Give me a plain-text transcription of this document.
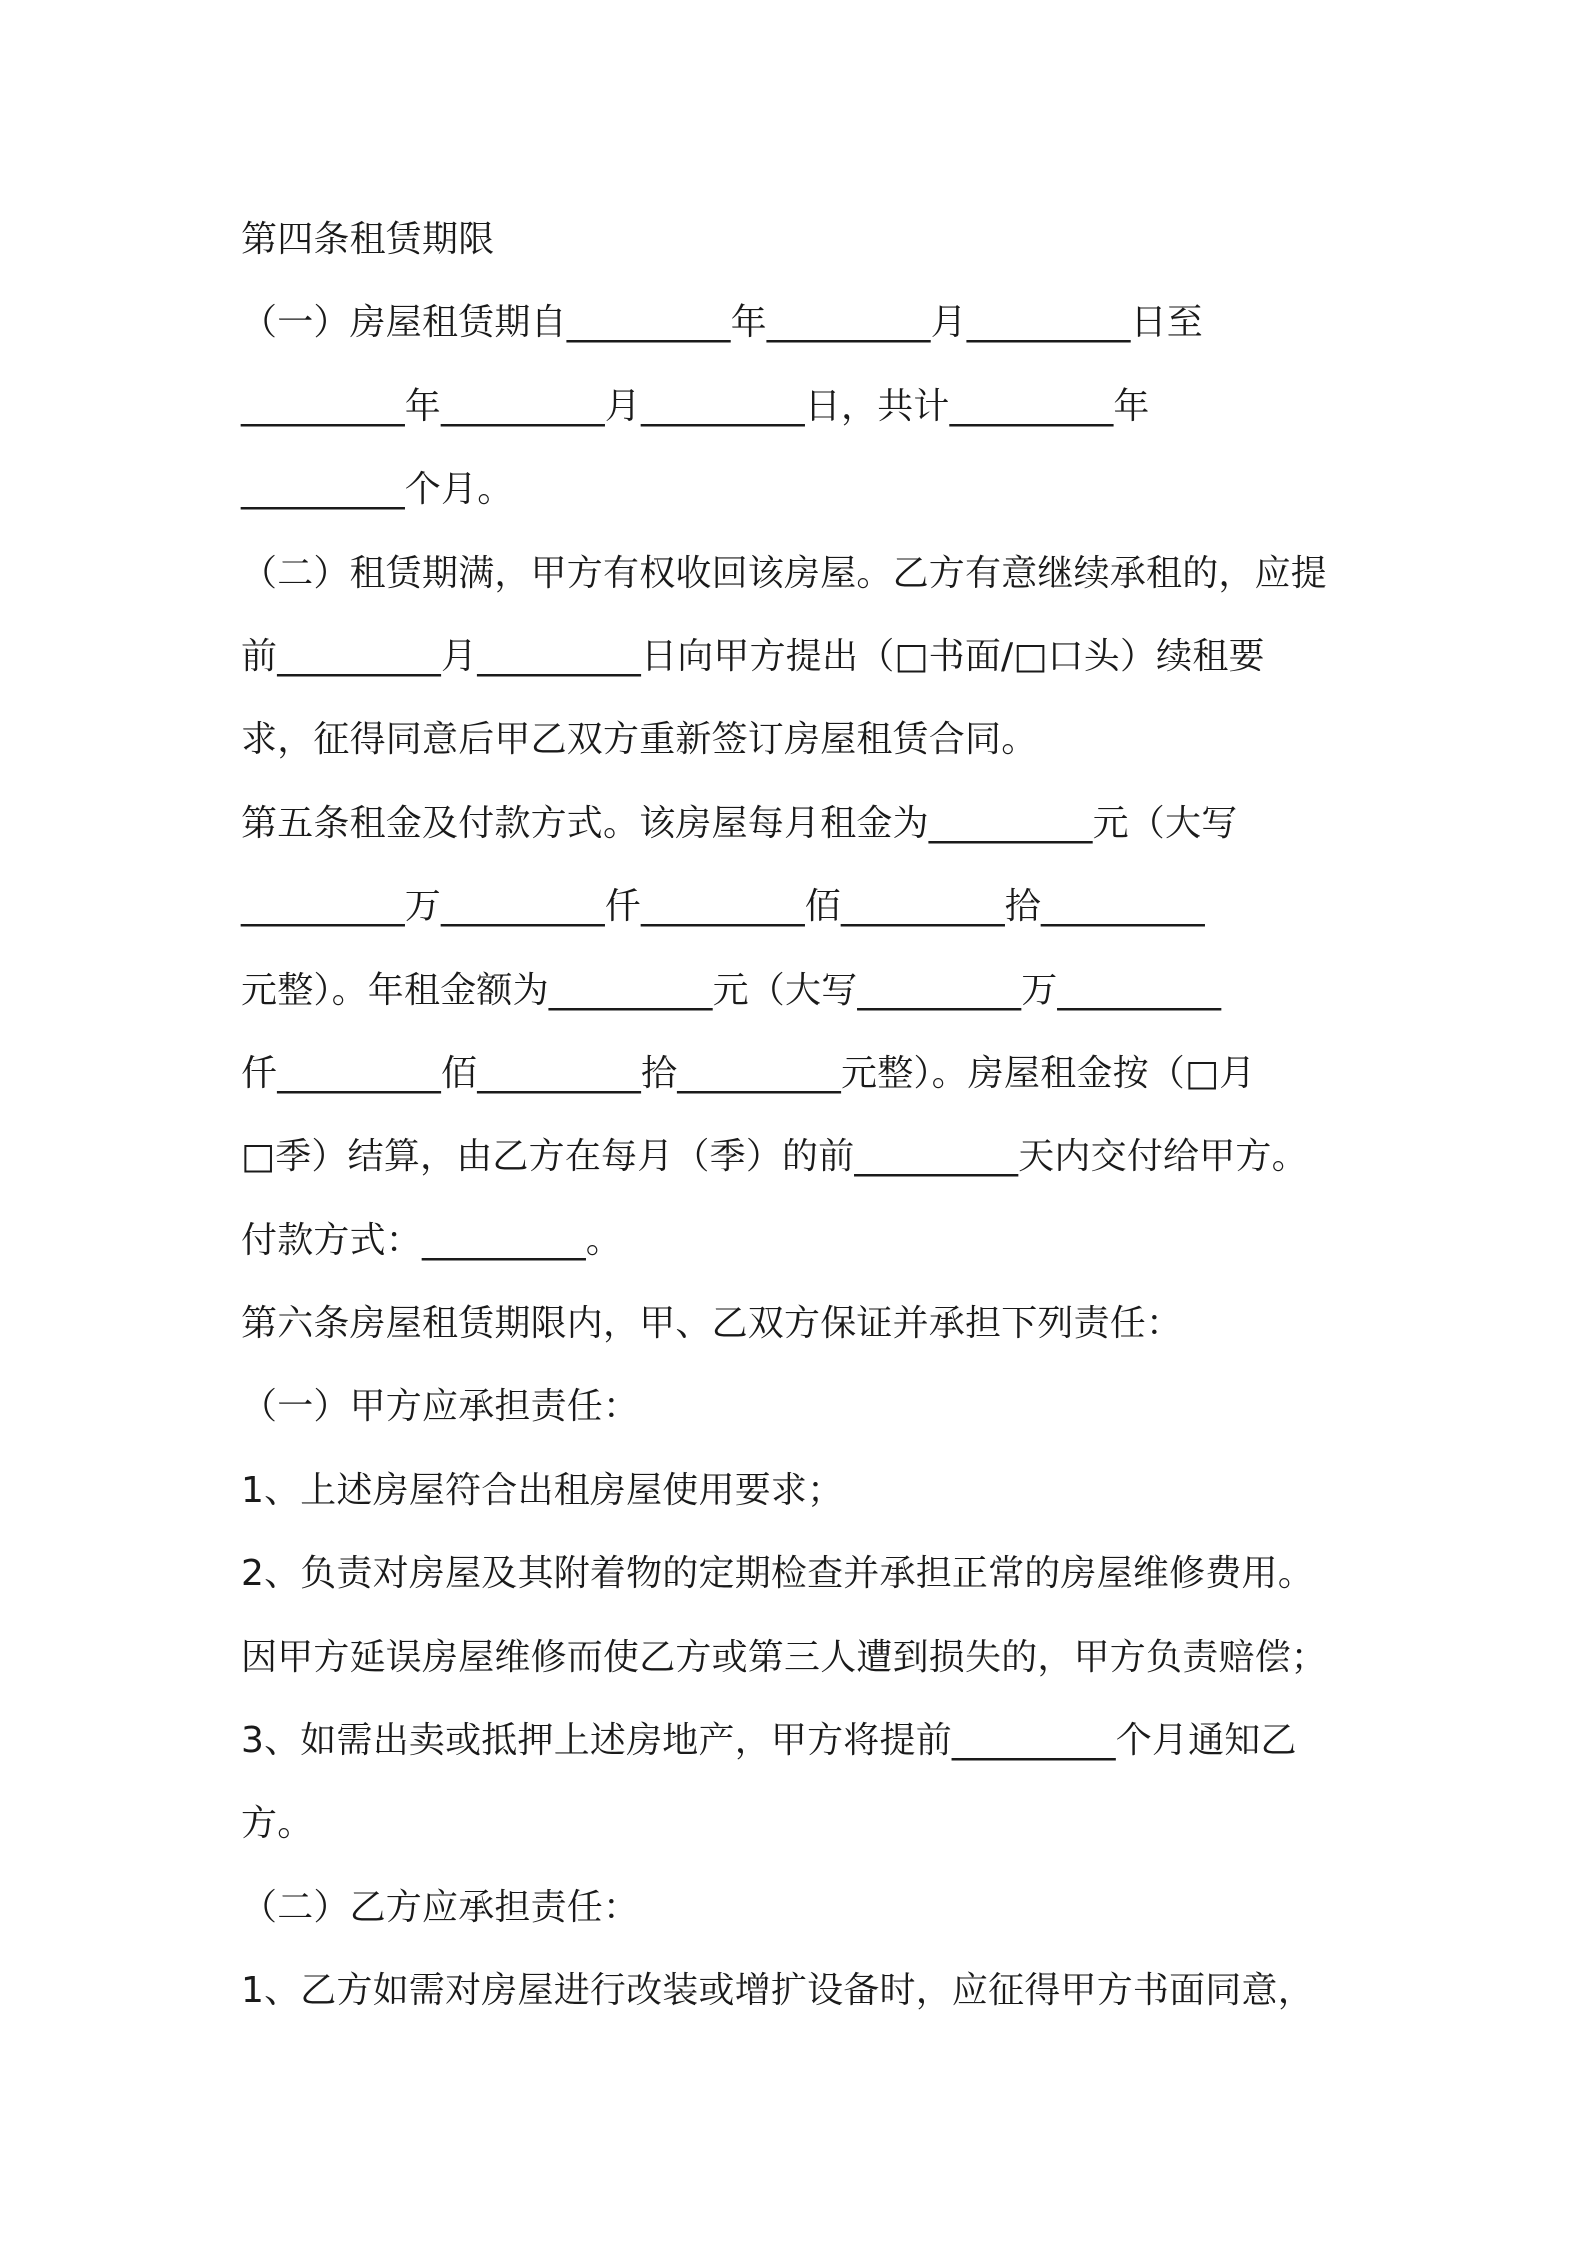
第四条租赁期限
（一）房屋租赁期自_________年_________月_________日至
_________年_________月_________日，共计_________年
_________个月。
（二）租赁期满，甲方有权收回该房屋。乙方有意继续承租的，应提
前_________月_________日向甲方提出（□书面/□口头）续租要
求，征得同意后甲乙双方重新签订房屋租赁合同。
第五条租金及付款方式。该房屋每月租金为_________元（大写
_________万_________仟_________佰_________拾_________
元整）。年租金额为_________元（大写_________万_________
仟_________佰_________拾_________元整）。房屋租金按（□月
□季）结算，由乙方在每月（季）的前_________天内交付给甲方。
付款方式：_________。
第六条房屋租赁期限内，甲、乙双方保证并承担下列责任：
（一）甲方应承担责任：
1、上述房屋符合出租房屋使用要求；
2、负责对房屋及其附着物的定期检查并承担正常的房屋维修费用。
因甲方延误房屋维修而使乙方或第三人遭到损失的，甲方负责赔偿；
3、如需出卖或抵押上述房地产，甲方将提前_________个月通知乙
方。
（二）乙方应承担责任：
1、乙方如需对房屋进行改装或增扩设备时，应征得甲方书面同意，
